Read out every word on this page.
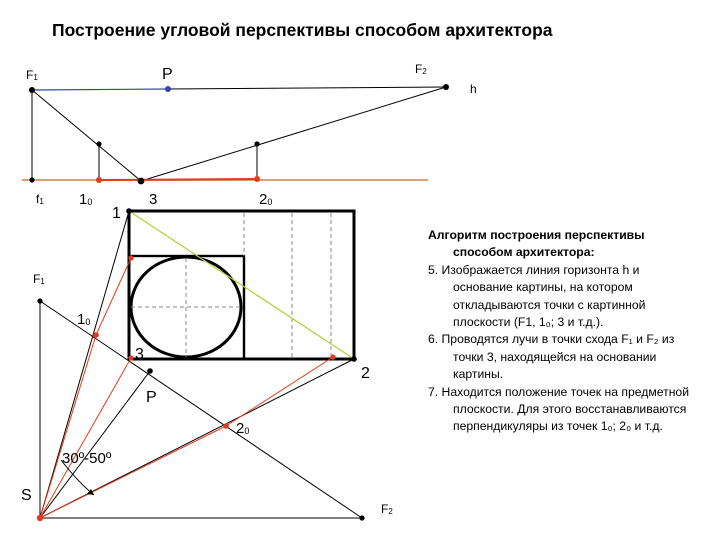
Построение угловой перспективы способом архитектора
F1	P	F2
h
f1 10	3	20
1
F1
10
3
P
2
20
30º-50º
S
F2
Алгоритм построения перспективы способом архитектора:
5. Изображается линия горизонта h и основание картины, на котором откладываются точки с картинной плоскости (F1, 1₀; 3 и т.д.).
6. Проводятся лучи в точки схода F₁ и F₂ из точки 3, находящейся на основании картины.
7. Находится положение точек на предметной плоскости. Для этого восстанавливаются перпендикуляры из точек 1₀; 2₀ и т.д.
